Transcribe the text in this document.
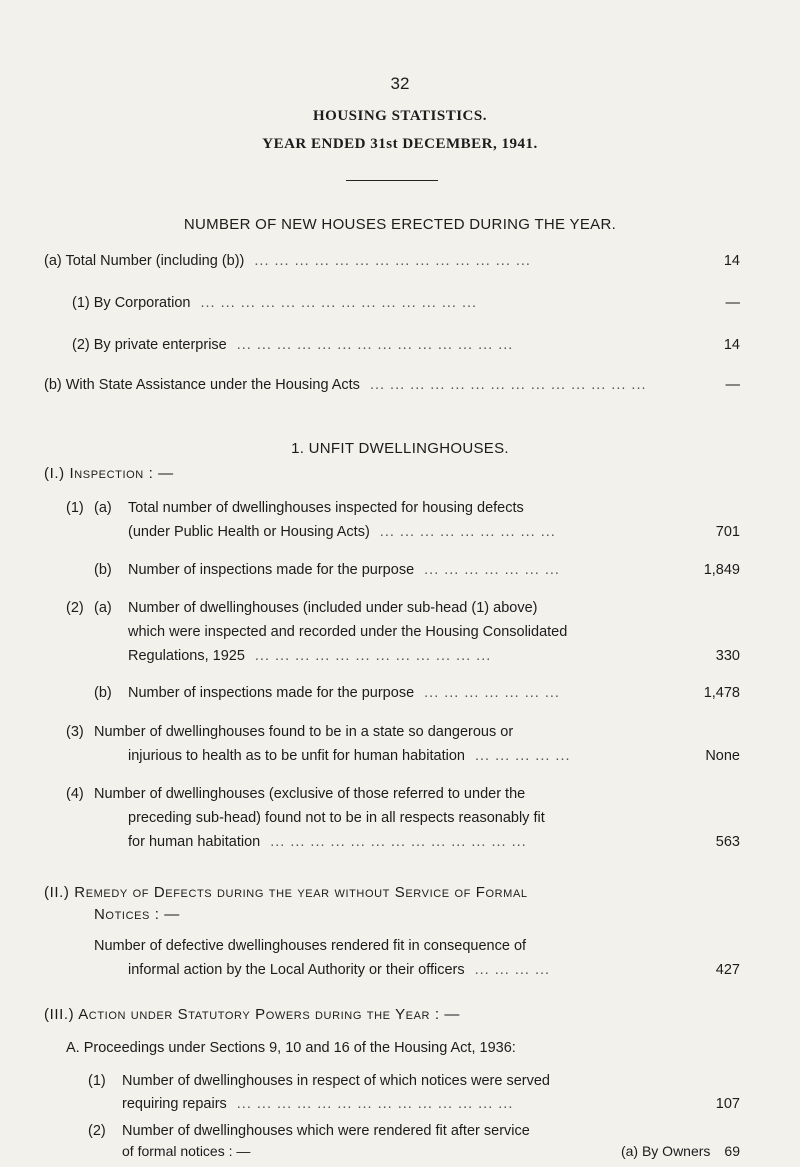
32
HOUSING STATISTICS.
YEAR ENDED 31st DECEMBER, 1941.
NUMBER OF NEW HOUSES ERECTED DURING THE YEAR.
(a) Total Number (including (b)) ... ... ... ... ... ... ... ... ... ... ... ... ... ...	14
(1) By Corporation ... ... ... ... ... ... ... ... ... ... ... ... ... ...	—
(2) By private enterprise ... ... ... ... ... ... ... ... ... ... ... ... ... ...	14
(b) With State Assistance under the Housing Acts ... ... ... ... ... ... ... ... ... ... ... ... ... ...	—
1. UNFIT DWELLINGHOUSES.
(I.) Inspection : —
(1) (a) Total number of dwellinghouses inspected for housing defects
(under Public Health or Housing Acts) ... ... ... ... ... ... ... ... ...	701
(b) Number of inspections made for the purpose ... ... ... ... ... ... ...	1,849
(2) (a) Number of dwellinghouses (included under sub-head (1) above)
which were inspected and recorded under the Housing Consolidated
Regulations, 1925 ... ... ... ... ... ... ... ... ... ... ... ...	330
(b) Number of inspections made for the purpose ... ... ... ... ... ... ...	1,478
(3) Number of dwellinghouses found to be in a state so dangerous or
injurious to health as to be unfit for human habitation ... ... ... ... ...	None
(4) Number of dwellinghouses (exclusive of those referred to under the
preceding sub-head) found not to be in all respects reasonably fit
for human habitation ... ... ... ... ... ... ... ... ... ... ... ... ...	563
(II.) Remedy of Defects during the year without Service of Formal
Notices : —
Number of defective dwellinghouses rendered fit in consequence of
informal action by the Local Authority or their officers ... ... ... ...	427
(III.) Action under Statutory Powers during the Year : —
A. Proceedings under Sections 9, 10 and 16 of the Housing Act, 1936:
(1) Number of dwellinghouses in respect of which notices were served
requiring repairs ... ... ... ... ... ... ... ... ... ... ... ... ... ...	107
(2) Number of dwellinghouses which were rendered fit after service
of formal notices : —	(a) By Owners 69
